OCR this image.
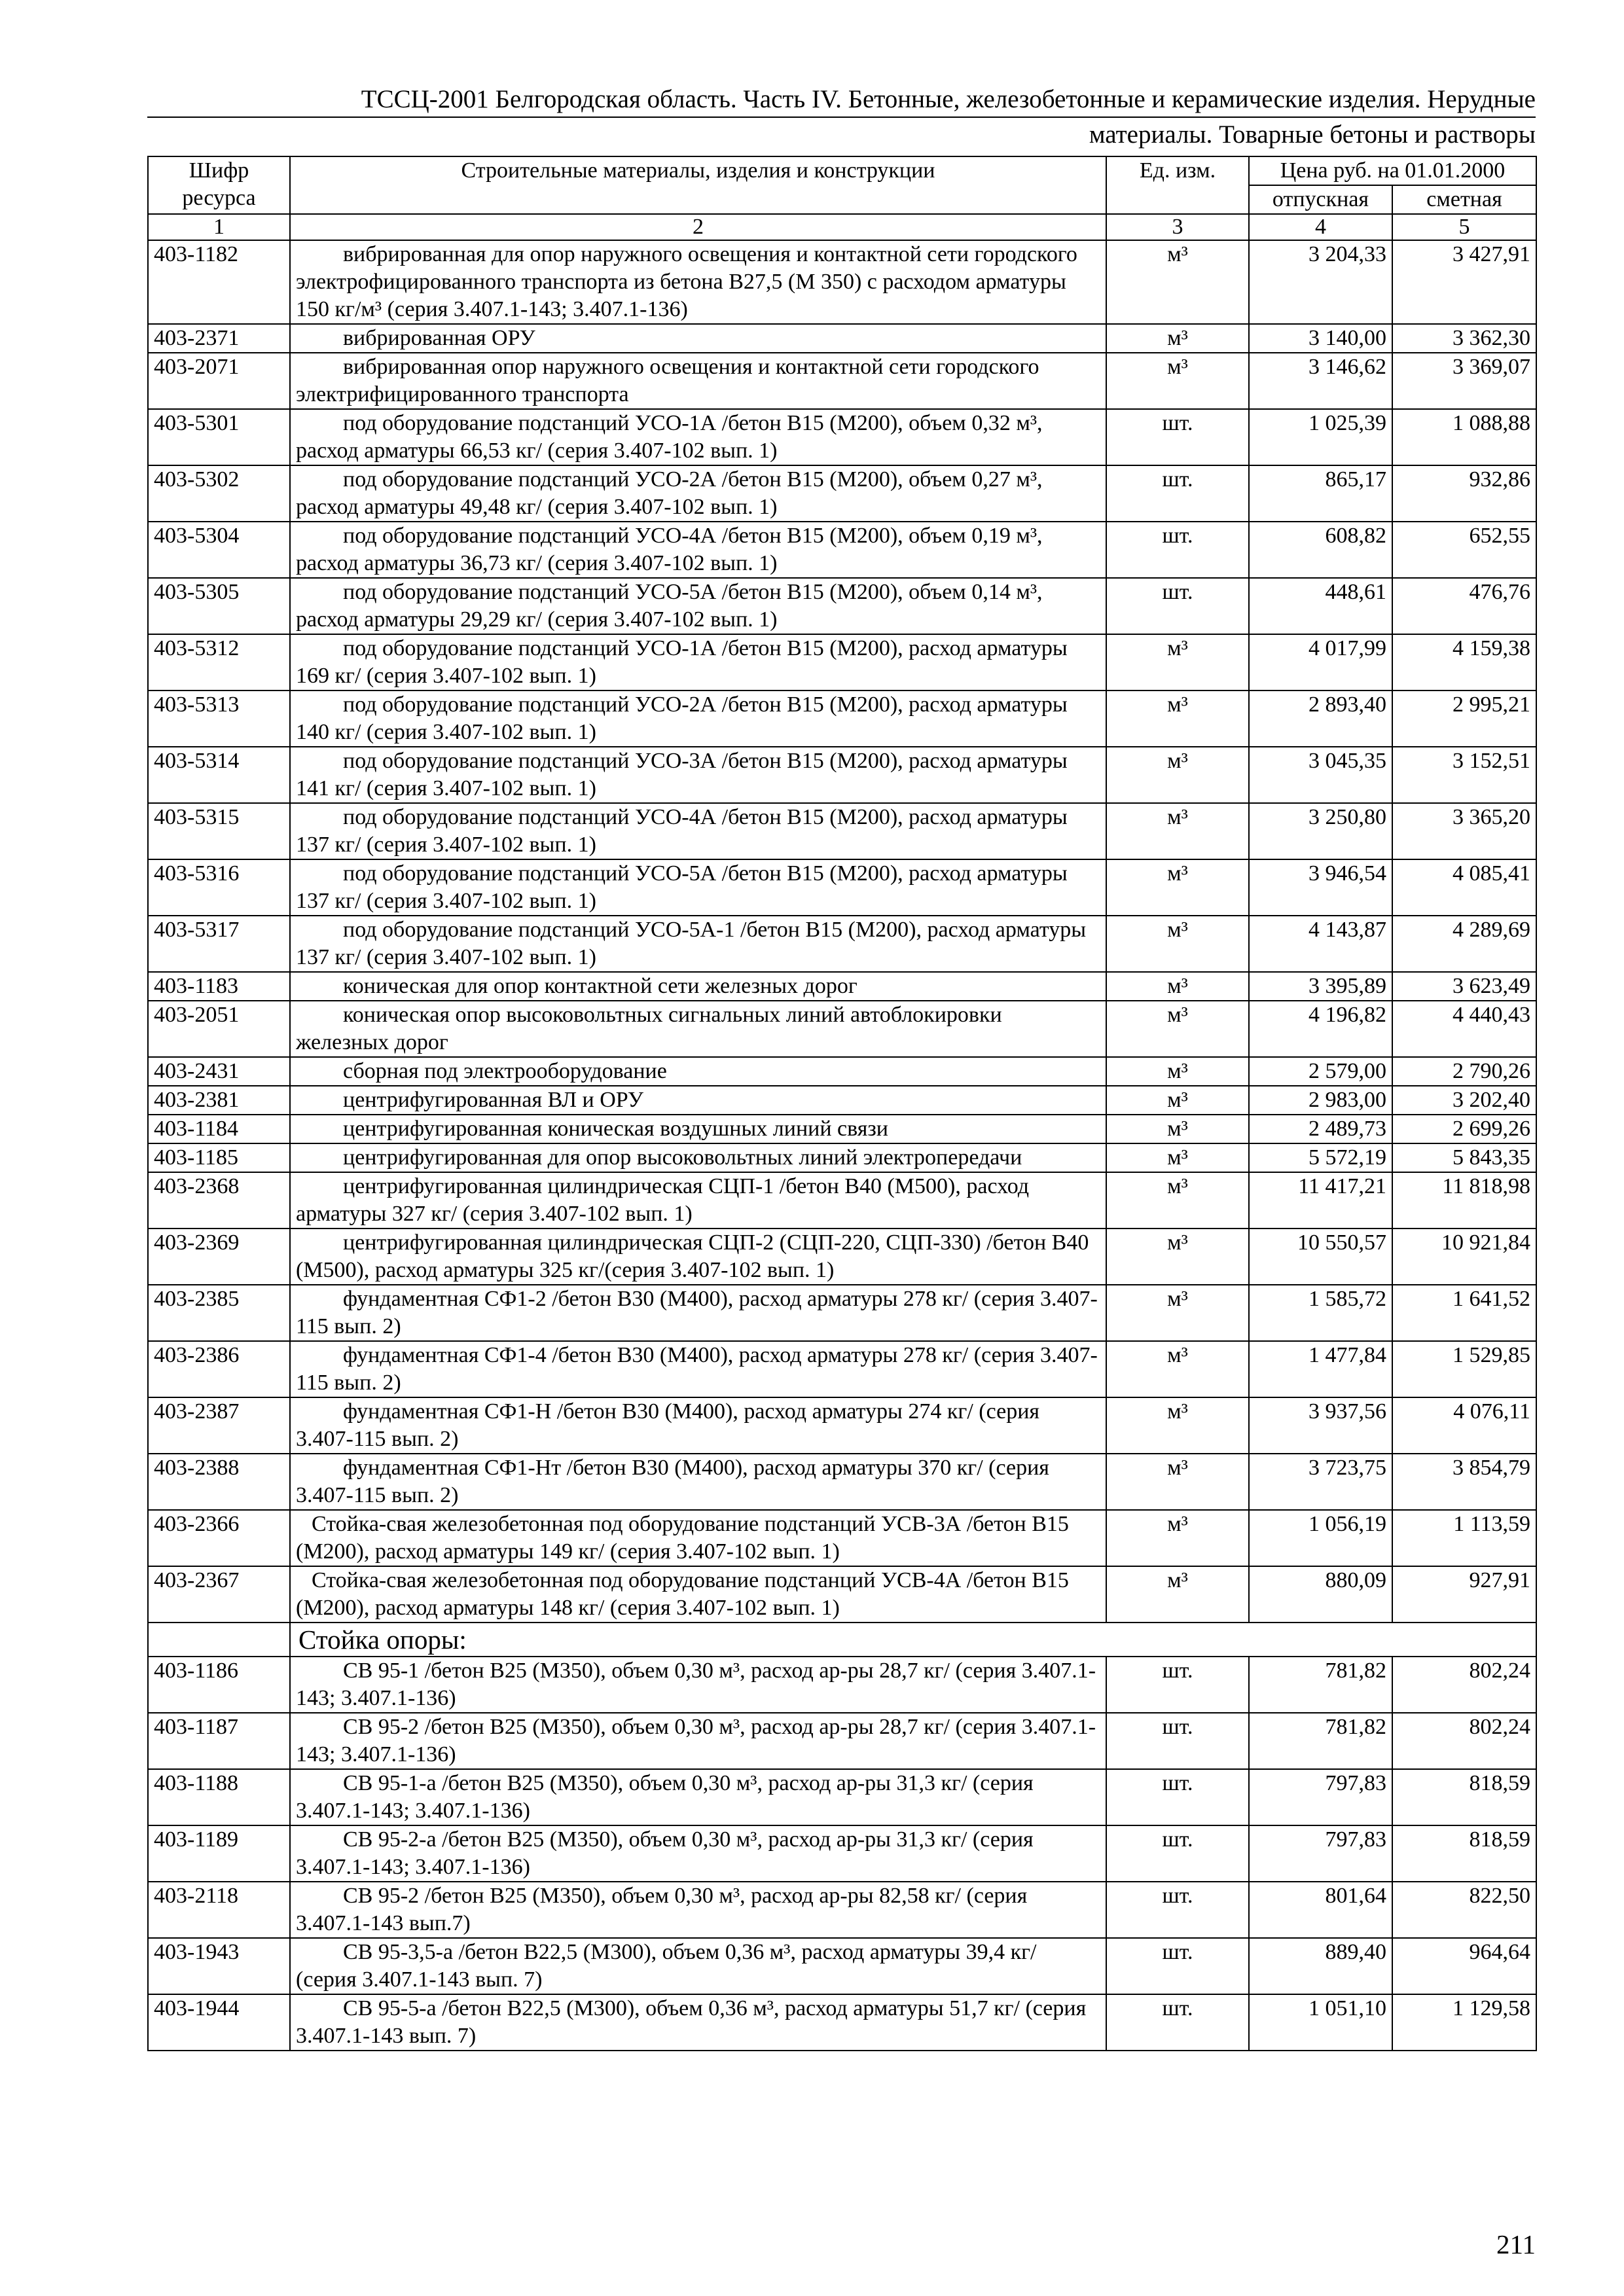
ТССЦ-2001 Белгородская область. Часть IV. Бетонные, железобетонные и керамические изделия. Нерудные
материалы. Товарные бетоны и растворы
Шифр ресурса	Строительные материалы, изделия и конструкции	Ед. изм.	Цена руб. на 01.01.2000	
			отпускная	сметная
1	2	3	4	5
403-1182	вибрированная для опор наружного освещения и контактной сети городского электрофицированного транспорта из бетона В27,5 (М 350) с расходом арматуры 150 кг/м³ (серия 3.407.1-143; 3.407.1-136)	м³	3 204,33	3 427,91
403-2371	вибрированная ОРУ	м³	3 140,00	3 362,30
403-2071	вибрированная опор наружного освещения и контактной сети городского электрифицированного транспорта	м³	3 146,62	3 369,07
403-5301	под оборудование подстанций УСО-1А /бетон В15 (М200), объем 0,32 м³, расход арматуры 66,53 кг/ (серия 3.407-102 вып. 1)	шт.	1 025,39	1 088,88
403-5302	под оборудование подстанций УСО-2А /бетон В15 (М200), объем 0,27 м³, расход арматуры 49,48 кг/ (серия 3.407-102 вып. 1)	шт.	865,17	932,86
403-5304	под оборудование подстанций УСО-4А /бетон В15 (М200), объем 0,19 м³, расход арматуры 36,73 кг/ (серия 3.407-102 вып. 1)	шт.	608,82	652,55
403-5305	под оборудование подстанций УСО-5А /бетон В15 (М200), объем 0,14 м³, расход арматуры 29,29 кг/ (серия 3.407-102 вып. 1)	шт.	448,61	476,76
403-5312	под оборудование подстанций УСО-1А /бетон В15 (М200), расход арматуры 169 кг/ (серия 3.407-102 вып. 1)	м³	4 017,99	4 159,38
403-5313	под оборудование подстанций УСО-2А /бетон В15 (М200), расход арматуры 140 кг/ (серия 3.407-102 вып. 1)	м³	2 893,40	2 995,21
403-5314	под оборудование подстанций УСО-3А /бетон В15 (М200), расход арматуры 141 кг/ (серия 3.407-102 вып. 1)	м³	3 045,35	3 152,51
403-5315	под оборудование подстанций УСО-4А /бетон В15 (М200), расход арматуры 137 кг/ (серия 3.407-102 вып. 1)	м³	3 250,80	3 365,20
403-5316	под оборудование подстанций УСО-5А /бетон В15 (М200), расход арматуры 137 кг/ (серия 3.407-102 вып. 1)	м³	3 946,54	4 085,41
403-5317	под оборудование подстанций УСО-5А-1 /бетон В15 (М200), расход арматуры 137 кг/ (серия 3.407-102 вып. 1)	м³	4 143,87	4 289,69
403-1183	коническая для опор контактной сети железных дорог	м³	3 395,89	3 623,49
403-2051	коническая опор высоковольтных сигнальных линий автоблокировки железных дорог	м³	4 196,82	4 440,43
403-2431	сборная под электрооборудование	м³	2 579,00	2 790,26
403-2381	центрифугированная ВЛ и ОРУ	м³	2 983,00	3 202,40
403-1184	центрифугированная коническая воздушных линий связи	м³	2 489,73	2 699,26
403-1185	центрифугированная для опор высоковольтных линий электропередачи	м³	5 572,19	5 843,35
403-2368	центрифугированная цилиндрическая СЦП-1 /бетон В40 (М500), расход арматуры 327 кг/ (серия 3.407-102 вып. 1)	м³	11 417,21	11 818,98
403-2369	центрифугированная цилиндрическая СЦП-2 (СЦП-220, СЦП-330) /бетон В40 (М500), расход арматуры 325 кг/(серия 3.407-102 вып. 1)	м³	10 550,57	10 921,84
403-2385	фундаментная СФ1-2 /бетон В30 (М400), расход арматуры 278 кг/ (серия 3.407-115 вып. 2)	м³	1 585,72	1 641,52
403-2386	фундаментная СФ1-4 /бетон В30 (М400), расход арматуры 278 кг/ (серия 3.407-115 вып. 2)	м³	1 477,84	1 529,85
403-2387	фундаментная СФ1-Н /бетон В30 (М400), расход арматуры 274 кг/ (серия 3.407-115 вып. 2)	м³	3 937,56	4 076,11
403-2388	фундаментная СФ1-Нт /бетон В30 (М400), расход арматуры 370 кг/ (серия 3.407-115 вып. 2)	м³	3 723,75	3 854,79
403-2366	Стойка-свая железобетонная под оборудование подстанций УСВ-3А /бетон В15 (М200), расход арматуры 149 кг/ (серия 3.407-102 вып. 1)	м³	1 056,19	1 113,59
403-2367	Стойка-свая железобетонная под оборудование подстанций УСВ-4А /бетон В15 (М200), расход арматуры 148 кг/ (серия 3.407-102 вып. 1)	м³	880,09	927,91
	Стойка опоры:			
403-1186	СВ 95-1 /бетон В25 (М350), объем 0,30 м³, расход ар-ры 28,7 кг/ (серия 3.407.1-143; 3.407.1-136)	шт.	781,82	802,24
403-1187	СВ 95-2 /бетон В25 (М350), объем 0,30 м³, расход ар-ры 28,7 кг/ (серия 3.407.1-143; 3.407.1-136)	шт.	781,82	802,24
403-1188	СВ 95-1-а /бетон В25 (М350), объем 0,30 м³, расход ар-ры 31,3 кг/ (серия 3.407.1-143; 3.407.1-136)	шт.	797,83	818,59
403-1189	СВ 95-2-а /бетон В25 (М350), объем 0,30 м³, расход ар-ры 31,3 кг/ (серия 3.407.1-143; 3.407.1-136)	шт.	797,83	818,59
403-2118	СВ 95-2 /бетон В25 (М350), объем 0,30 м³, расход ар-ры 82,58 кг/ (серия 3.407.1-143 вып.7)	шт.	801,64	822,50
403-1943	СВ 95-3,5-а /бетон В22,5 (М300), объем 0,36 м³, расход арматуры 39,4 кг/ (серия 3.407.1-143 вып. 7)	шт.	889,40	964,64
403-1944	СВ 95-5-а /бетон В22,5 (М300), объем 0,36 м³, расход арматуры 51,7 кг/ (серия 3.407.1-143 вып. 7)	шт.	1 051,10	1 129,58
211
